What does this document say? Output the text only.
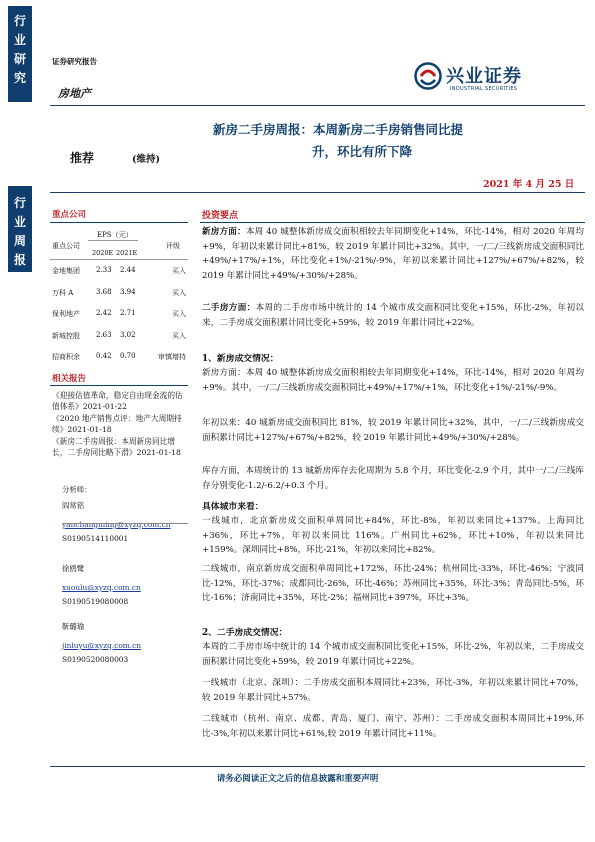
行
业
研
究
行
业
周
报
证券研究报告
房地产
兴业证券
INDUSTRIAL SECURITIES
新房二手房周报：本周新房二手房销售同比提
升，环比有所下降
推荐	(维持)
2021 年 4 月 25 日
重点公司
重点公司
EPS（元）
评级
2020E 2021E
金地集团 2.33 2.44	买入
万科 A	3.68 3.94	买入
保利地产 2.42 2.71	买入
新城控股 2.63 3.02	买入
招商积余 0.42 0.70	审慎增持
相关报告
《迎接估值革命，稳定自由现金流的估值体系》2021-01-22
《2020 地产销售点评：地产大周期持续》2021-01-18
《新房二手房周报：本周新房同比增长，二手房同比略下滑》2021-01-18
分析师：
阎常铭
yanchangming@xyzq.com.cn
S0190514110001
徐鸥鹭
xuoulu@xyzq.com.cn
S0190519080008
靳璐瑜
jinluyu@xyzq.com.cn
S0190520080003
投资要点

新房方面：本周 40 城整体新房成交面积相较去年同期变化+14%，环比-14%，相对 2020 年周均+9%，年初以来累计同比+81%，较 2019 年累计同比+32%。其中，一/二/三线新房成交面积同比+49%/+17%/+1%，环比变化+1%/-21%/-9%，年初以来累计同比+127%/+67%/+82%，较 2019 年累计同比+49%/+30%/+28%。

二手房方面：本周的二手房市场中统计的 14 个城市成交面积同比变化+15%，环比-2%，年初以来，二手房成交面积累计同比变化+59%，较 2019 年累计同比+22%。

1、新房成交情况：

新房方面：本周 40 城整体新房成交面积相较去年同期变化+14%，环比-14%，相对 2020 年周均+9%。其中，一/二/三线新房成交面积同比+49%/+17%/+1%，环比变化+1%/-21%/-9%。

年初以来：40 城新房成交面积同比 81%，较 2019 年累计同比+32%，其中，一/二/三线新房成交面积累计同比+127%/+67%/+82%，较 2019 年累计同比+49%/+30%/+28%。

库存方面，本周统计的 13 城新房库存去化周期为 5.8 个月，环比变化-2.9 个月，其中一/二/三线库存分别变化-1.2/-6.2/+0.3 个月。

具体城市来看：

一线城市，北京新房成交面积单周同比+84%，环比-8%，年初以来同比+137%。上海同比+36%，环比+7%，年初以来同比 116%。广州同比+62%，环比+10%，年初以来同比+159%。深圳同比+8%，环比-21%，年初以来同比+82%。

二线城市，南京新房成交面积单周同比+172%，环比-24%；杭州同比-33%，环比-46%；宁波同比-12%，环比-37%；成都同比-26%，环比-46%；苏州同比+35%，环比-3%；青岛同比-5%，环比-16%；济南同比+35%，环比-2%；福州同比+397%，环比+3%。

2、二手房成交情况：

本周的二手房市场中统计的 14 个城市成交面积同比变化+15%，环比-2%，年初以来，二手房成交面积累计同比变化+59%，较 2019 年累计同比+22%。

一线城市（北京、深圳）：二手房成交面积本周同比+23%，环比-3%，年初以来累计同比+70%，较 2019 年累计同比+57%。

二线城市（杭州、南京、成都、青岛、厦门、南宁、苏州）：二手房成交面积本周同比+19%,环比-3%,年初以来累计同比+61%,较 2019 年累计同比+11%。

请务必阅读正文之后的信息披露和重要声明
